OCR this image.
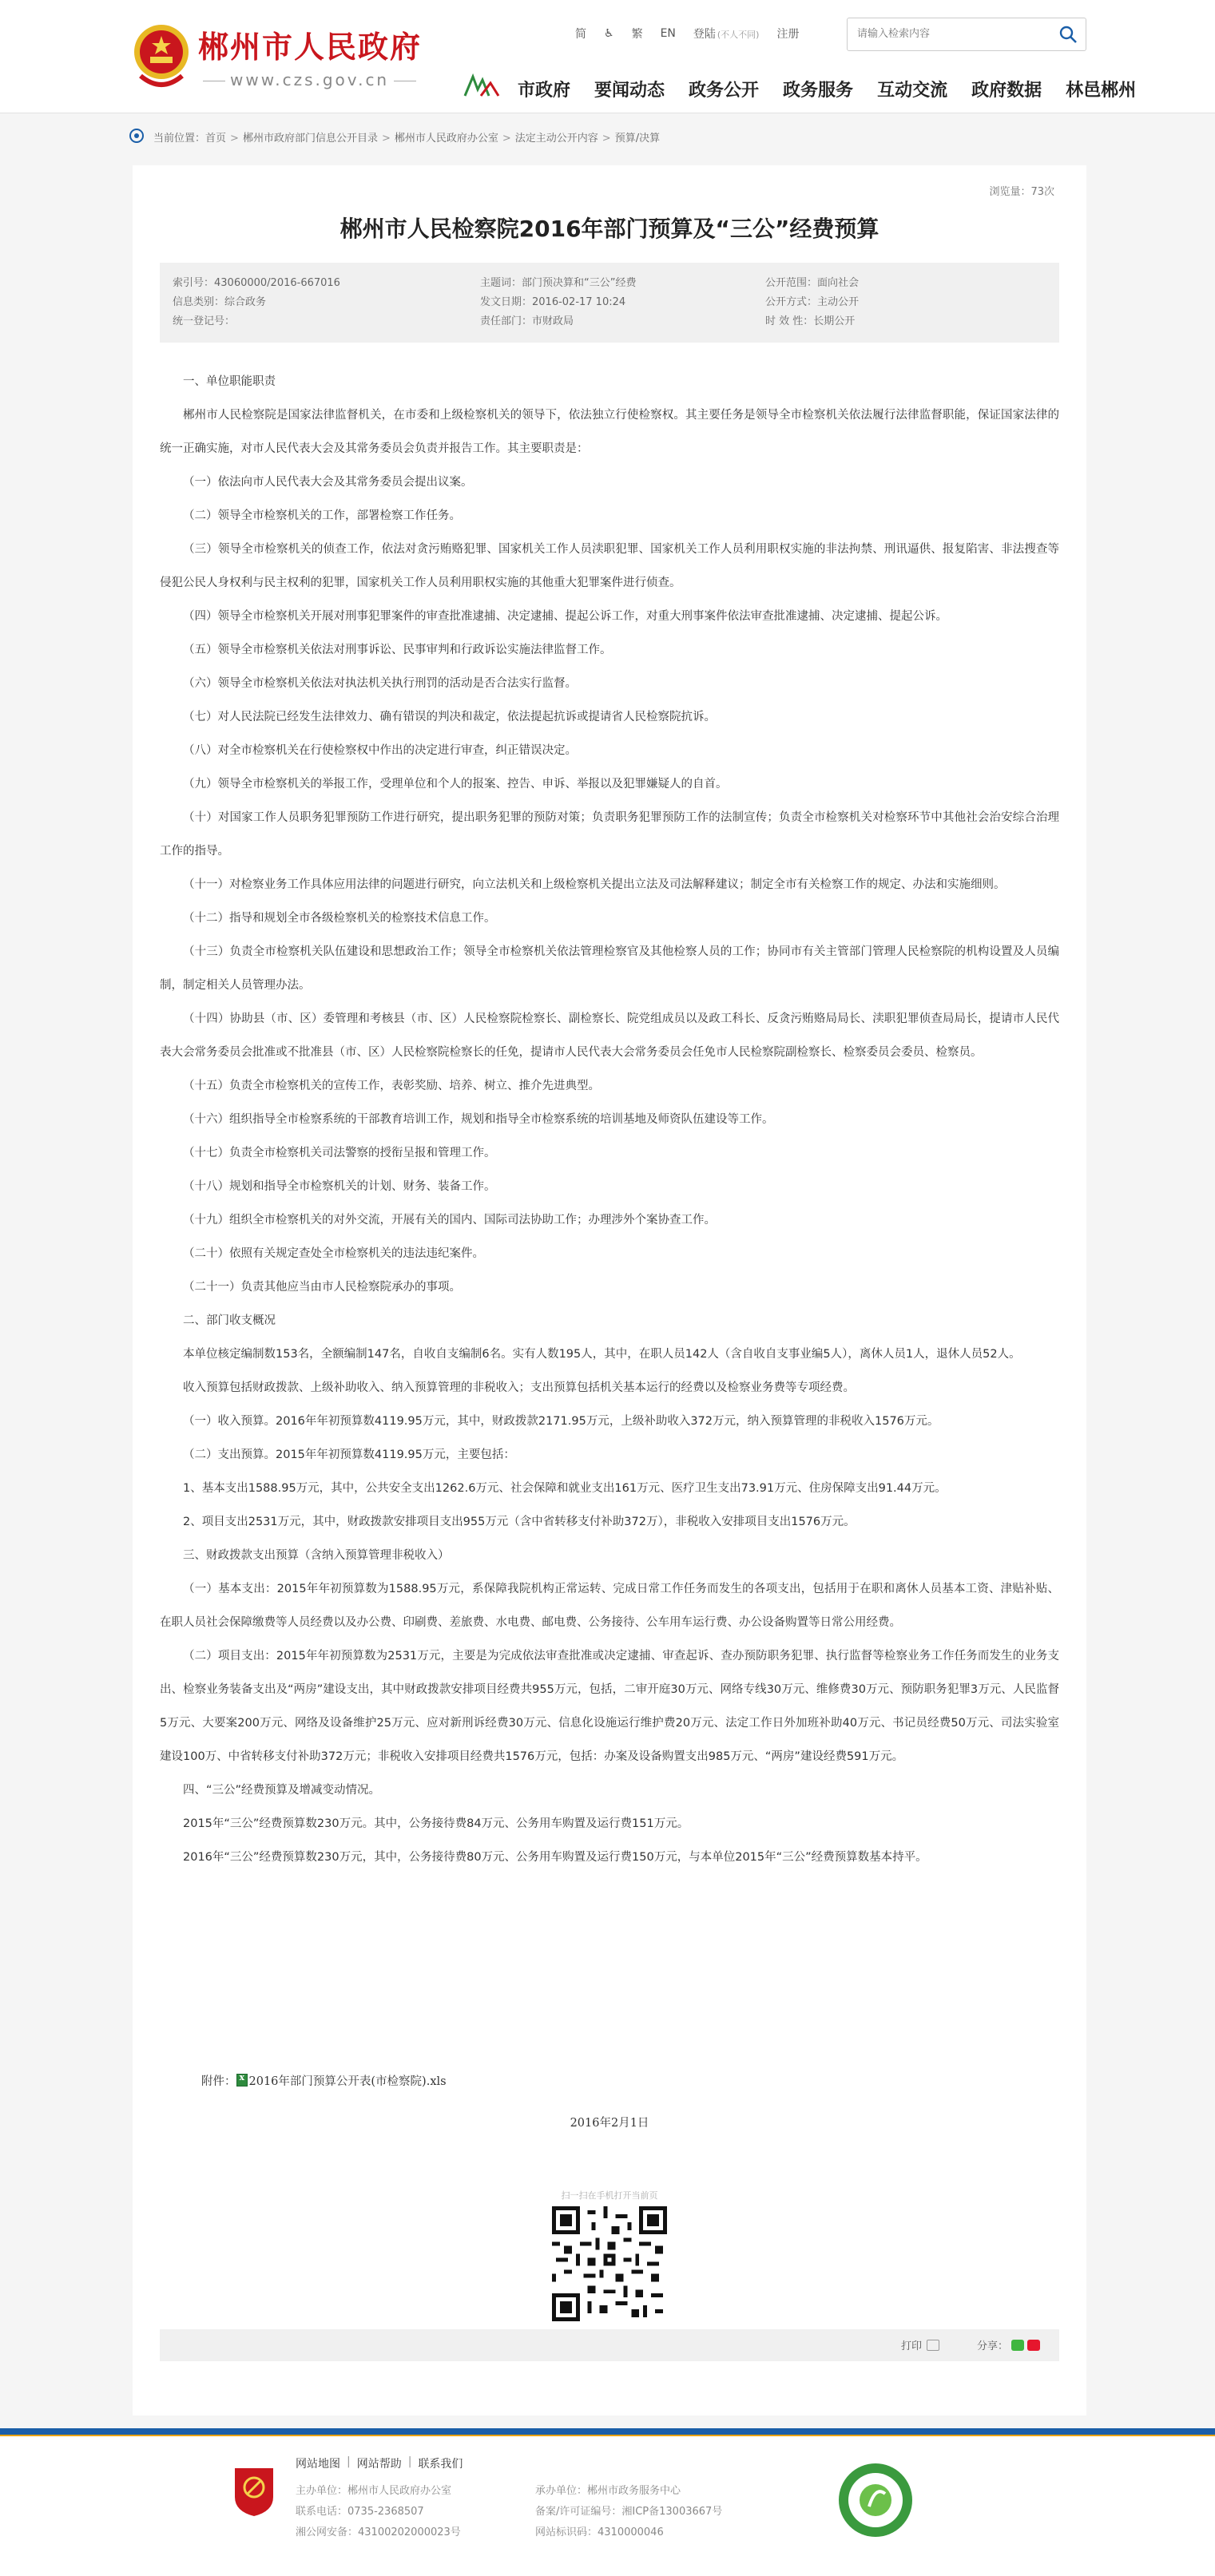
郴州市人民政府
www.czs.gov.cn
简 ♿ 繁 EN 登陆 (不人不同) 注册
请输入检索内容
市政府 要闻动态 政务公开 政务服务 互动交流 政府数据 林邑郴州
当前位置：首页 > 郴州市政府部门信息公开目录 > 郴州市人民政府办公室 > 法定主动公开内容 > 预算/决算
浏览量：73次
郴州市人民检察院2016年部门预算及“三公”经费预算
索引号：43060000/2016-667016	主题词：部门预决算和“三公”经费	公开范围：面向社会
信息类别：综合政务	发文日期：2016-02-17 10:24	公开方式：主动公开
统一登记号：	责任部门：市财政局	时 效 性：长期公开

一、单位职能职责

郴州市人民检察院是国家法律监督机关，在市委和上级检察机关的领导下，依法独立行使检察权。其主要任务是领导全市检察机关依法履行法律监督职能，保证国家法律的统一正确实施，对市人民代表大会及其常务委员会负责并报告工作。其主要职责是：

（一）依法向市人民代表大会及其常务委员会提出议案。

（二）领导全市检察机关的工作，部署检察工作任务。

（三）领导全市检察机关的侦查工作，依法对贪污贿赂犯罪、国家机关工作人员渎职犯罪、国家机关工作人员利用职权实施的非法拘禁、刑讯逼供、报复陷害、非法搜查等侵犯公民人身权利与民主权利的犯罪，国家机关工作人员利用职权实施的其他重大犯罪案件进行侦查。

（四）领导全市检察机关开展对刑事犯罪案件的审查批准逮捕、决定逮捕、提起公诉工作，对重大刑事案件依法审查批准逮捕、决定逮捕、提起公诉。

（五）领导全市检察机关依法对刑事诉讼、民事审判和行政诉讼实施法律监督工作。

（六）领导全市检察机关依法对执法机关执行刑罚的活动是否合法实行监督。

（七）对人民法院已经发生法律效力、确有错误的判决和裁定，依法提起抗诉或提请省人民检察院抗诉。

（八）对全市检察机关在行使检察权中作出的决定进行审查，纠正错误决定。

（九）领导全市检察机关的举报工作，受理单位和个人的报案、控告、申诉、举报以及犯罪嫌疑人的自首。

（十）对国家工作人员职务犯罪预防工作进行研究，提出职务犯罪的预防对策；负责职务犯罪预防工作的法制宣传；负责全市检察机关对检察环节中其他社会治安综合治理工作的指导。

（十一）对检察业务工作具体应用法律的问题进行研究，向立法机关和上级检察机关提出立法及司法解释建议；制定全市有关检察工作的规定、办法和实施细则。

（十二）指导和规划全市各级检察机关的检察技术信息工作。

（十三）负责全市检察机关队伍建设和思想政治工作；领导全市检察机关依法管理检察官及其他检察人员的工作；协同市有关主管部门管理人民检察院的机构设置及人员编制，制定相关人员管理办法。

（十四）协助县（市、区）委管理和考核县（市、区）人民检察院检察长、副检察长、院党组成员以及政工科长、反贪污贿赂局局长、渎职犯罪侦查局局长，提请市人民代表大会常务委员会批准或不批准县（市、区）人民检察院检察长的任免，提请市人民代表大会常务委员会任免市人民检察院副检察长、检察委员会委员、检察员。

（十五）负责全市检察机关的宣传工作，表彰奖励、培养、树立、推介先进典型。

（十六）组织指导全市检察系统的干部教育培训工作，规划和指导全市检察系统的培训基地及师资队伍建设等工作。

（十七）负责全市检察机关司法警察的授衔呈报和管理工作。

（十八）规划和指导全市检察机关的计划、财务、装备工作。

（十九）组织全市检察机关的对外交流，开展有关的国内、国际司法协助工作；办理涉外个案协查工作。

（二十）依照有关规定查处全市检察机关的违法违纪案件。

（二十一）负责其他应当由市人民检察院承办的事项。

二、部门收支概况

本单位核定编制数153名，全额编制147名，自收自支编制6名。实有人数195人，其中，在职人员142人（含自收自支事业编5人），离休人员1人，退休人员52人。

收入预算包括财政拨款、上级补助收入、纳入预算管理的非税收入；支出预算包括机关基本运行的经费以及检察业务费等专项经费。

（一）收入预算。2016年年初预算数4119.95万元，其中，财政拨款2171.95万元，上级补助收入372万元，纳入预算管理的非税收入1576万元。

（二）支出预算。2015年年初预算数4119.95万元，主要包括：

1、基本支出1588.95万元，其中，公共安全支出1262.6万元、社会保障和就业支出161万元、医疗卫生支出73.91万元、住房保障支出91.44万元。

2、项目支出2531万元，其中，财政拨款安排项目支出955万元（含中省转移支付补助372万），非税收入安排项目支出1576万元。

三、财政拨款支出预算（含纳入预算管理非税收入）

（一）基本支出：2015年年初预算数为1588.95万元，系保障我院机构正常运转、完成日常工作任务而发生的各项支出，包括用于在职和离休人员基本工资、津贴补贴、在职人员社会保障缴费等人员经费以及办公费、印刷费、差旅费、水电费、邮电费、公务接待、公车用车运行费、办公设备购置等日常公用经费。

（二）项目支出：2015年年初预算数为2531万元，主要是为完成依法审查批准或决定逮捕、审查起诉、查办预防职务犯罪、执行监督等检察业务工作任务而发生的业务支出、检察业务装备支出及“两房”建设支出，其中财政拨款安排项目经费共955万元，包括，二审开庭30万元、网络专线30万元、维修费30万元、预防职务犯罪3万元、人民监督5万元、大要案200万元、网络及设备维护25万元、应对新刑诉经费30万元、信息化设施运行维护费20万元、法定工作日外加班补助40万元、书记员经费50万元、司法实验室建设100万、中省转移支付补助372万元；非税收入安排项目经费共1576万元，包括：办案及设备购置支出985万元、“两房”建设经费591万元。

四、“三公”经费预算及增减变动情况。

2015年“三公”经费预算数230万元。其中，公务接待费84万元、公务用车购置及运行费151万元。

2016年“三公”经费预算数230万元，其中，公务接待费80万元、公务用车购置及运行费150万元，与本单位2015年“三公”经费预算数基本持平。

附件：x 2016年部门预算公开表(市检察院).xls
2016年2月1日
扫一扫在手机打开当前页
打印	分享：
网站地图 | 网站帮助 | 联系我们
主办单位：郴州市人民政府办公室	承办单位：郴州市政务服务中心
联系电话：0735-2368507	备案/许可证编号：湘ICP备13003667号
湘公网安备：43100202000023号	网站标识码：4310000046
